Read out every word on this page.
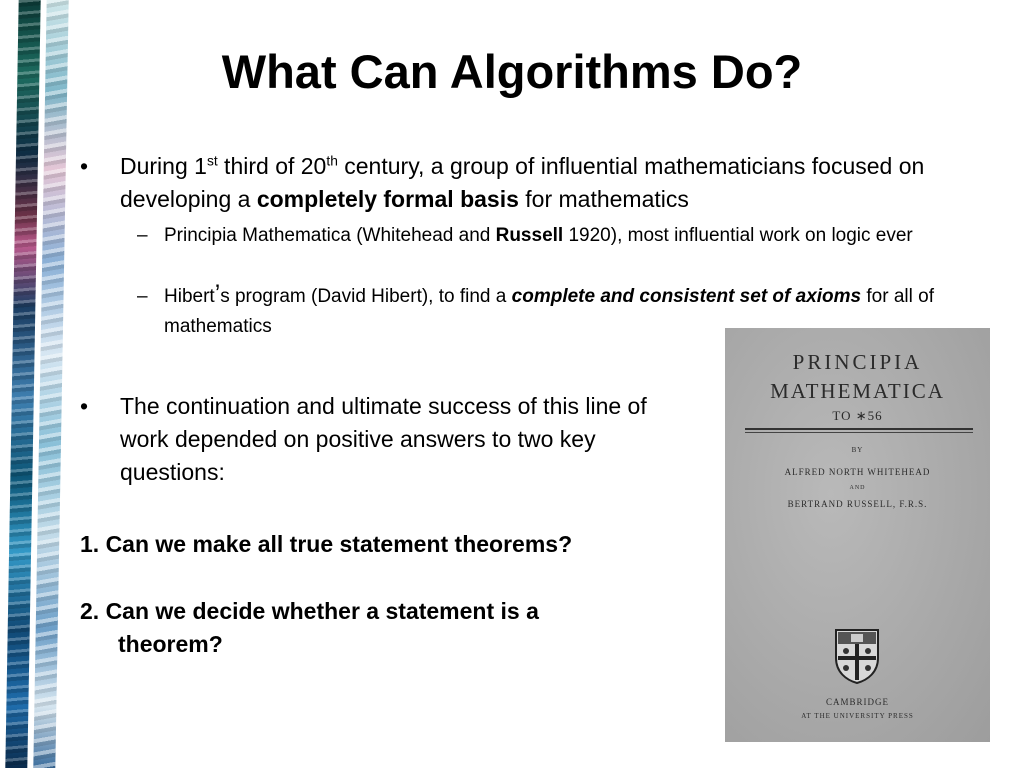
What Can Algorithms Do?
• During 1st third of 20th century, a group of influential mathematicians focused on developing a completely formal basis for mathematics
– Principia Mathematica (Whitehead and Russell 1920), most influential work on logic ever
– Hibert’s program (David Hibert), to find a complete and consistent set of axioms for all of mathematics
• The continuation and ultimate success of this line of work depended on positive answers to two key questions:
1. Can we make all true statement theorems?
2. Can we decide whether a statement is a
theorem?
PRINCIPIA
MATHEMATICA
TO ∗56
BY
ALFRED NORTH WHITEHEAD
AND
BERTRAND RUSSELL, F.R.S.
CAMBRIDGE
AT THE UNIVERSITY PRESS
